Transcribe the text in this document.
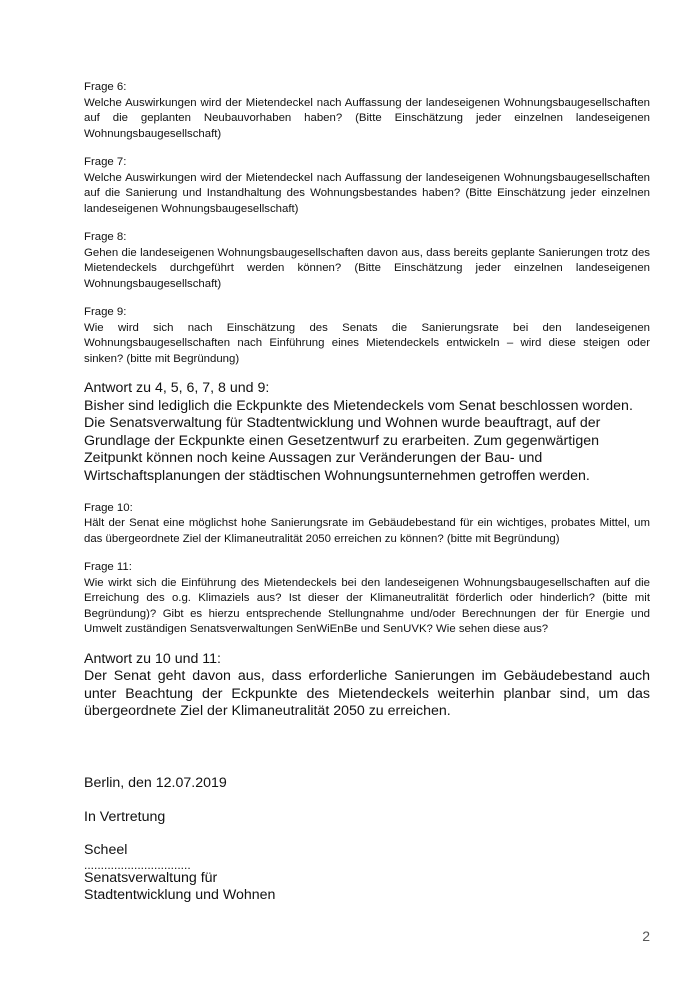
Frage 6:
Welche Auswirkungen wird der Mietendeckel nach Auffassung der landeseigenen Wohnungsbaugesellschaften auf die geplanten Neubauvorhaben haben? (Bitte Einschätzung jeder einzelnen landeseigenen Wohnungsbaugesellschaft)
Frage 7:
Welche Auswirkungen wird der Mietendeckel nach Auffassung der landeseigenen Wohnungsbaugesellschaften auf die Sanierung und Instandhaltung des Wohnungsbestandes haben? (Bitte Einschätzung jeder einzelnen landeseigenen Wohnungsbaugesellschaft)
Frage 8:
Gehen die landeseigenen Wohnungsbaugesellschaften davon aus, dass bereits geplante Sanierungen trotz des Mietendeckels durchgeführt werden können? (Bitte Einschätzung jeder einzelnen landeseigenen Wohnungsbaugesellschaft)
Frage 9:
Wie wird sich nach Einschätzung des Senats die Sanierungsrate bei den landeseigenen Wohnungsbaugesellschaften nach Einführung eines Mietendeckels entwickeln – wird diese steigen oder sinken? (bitte mit Begründung)
Antwort zu 4, 5, 6, 7, 8 und 9:
Bisher sind lediglich die Eckpunkte des Mietendeckels vom Senat beschlossen worden. Die Senatsverwaltung für Stadtentwicklung und Wohnen wurde beauftragt, auf der Grundlage der Eckpunkte einen Gesetzentwurf zu erarbeiten. Zum gegenwärtigen Zeitpunkt können noch keine Aussagen zur Veränderungen der Bau- und Wirtschaftsplanungen der städtischen Wohnungsunternehmen getroffen werden.
Frage 10:
Hält der Senat eine möglichst hohe Sanierungsrate im Gebäudebestand für ein wichtiges, probates Mittel, um das übergeordnete Ziel der Klimaneutralität 2050 erreichen zu können? (bitte mit Begründung)
Frage 11:
Wie wirkt sich die Einführung des Mietendeckels bei den landeseigenen Wohnungsbaugesellschaften auf die Erreichung des o.g. Klimaziels aus? Ist dieser der Klimaneutralität förderlich oder hinderlich? (bitte mit Begründung)? Gibt es hierzu entsprechende Stellungnahme und/oder Berechnungen der für Energie und Umwelt zuständigen Senatsverwaltungen SenWiEnBe und SenUVK? Wie sehen diese aus?
Antwort zu 10 und 11:
Der Senat geht davon aus, dass erforderliche Sanierungen im Gebäudebestand auch unter Beachtung der Eckpunkte des Mietendeckels weiterhin planbar sind, um das übergeordnete Ziel der Klimaneutralität 2050 zu erreichen.

Berlin, den 12.07.2019

In Vertretung

Scheel

................................

Senatsverwaltung für

Stadtentwicklung und Wohnen

2
